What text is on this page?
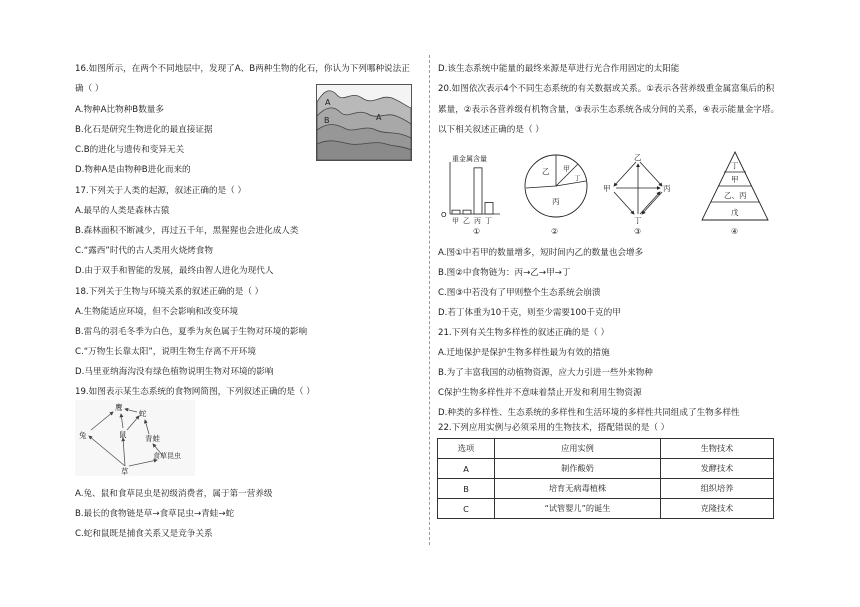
16.如图所示，在两个不同地层中，发现了A、B两种生物的化石，你认为下列哪种说法正
确（ ）
A.物种A比物种B数量多
B.化石是研究生物进化的最直接证据
C.B的进化与遗传和变异无关
D.物种A是由物种B进化而来的
A
A
B
17.下列关于人类的起源，叙述正确的是（ ）
A.最早的人类是森林古猿
B.森林面积不断减少，再过五千年，黑猩猩也会进化成人类
C.“露西”时代的古人类用火烧烤食物
D.由于双手和智能的发展，最终由智人进化为现代人
18.下列关于生物与环境关系的叙述正确的是（ ）
A.生物能适应环境，但不会影响和改变环境
B.雷鸟的羽毛冬季为白色，夏季为灰色属于生物对环境的影响
C.“万物生长靠太阳”，说明生物生存离不开环境
D.马里亚纳海沟没有绿色植物说明生物对环境的影响
19.如图表示某生态系统的食物网简图，下列叙述正确的是（ ）
鹰
蛇
兔	鼠 青蛙
食草昆虫
草
A.兔、鼠和食草昆虫是初级消费者，属于第一营养级
B.最长的食物链是草→食草昆虫→青蛙→蛇
C.蛇和鼠既是捕食关系又是竞争关系
D.该生态系统中能量的最终来源是草进行光合作用固定的太阳能
20.如图依次表示4个不同生态系统的有关数据或关系。①表示各营养级重金属富集后的积
累量，②表示各营养级有机物含量，③表示生态系统各成分间的关系，④表示能量金字塔。
以下相关叙述正确的是（ ）
重金属含量
O
甲 乙 丙 丁
①
乙 甲
丁
丙
②
乙
甲	丙
丁
③
丁
甲
乙、丙
戊
④
A.图①中若甲的数量增多，短时间内乙的数量也会增多
B.图②中食物链为：丙→乙→甲→丁
C.图③中若没有了甲则整个生态系统会崩溃
D.若丁体重为10千克，则至少需要100千克的甲
21.下列有关生物多样性的叙述正确的是（ ）
A.迁地保护是保护生物多样性最为有效的措施
B.为了丰富我国的动植物资源，应大力引进一些外来物种
C保护生物多样性并不意味着禁止开发和利用生物资源
D.种类的多样性、生态系统的多样性和生活环境的多样性共同组成了生物多样性
22.下列应用实例与必须采用的生物技术，搭配错误的是（ ）
选项	应用实例	生物技术
A	制作酸奶	发酵技术
B	培育无病毒植株	组织培养
C	“试管婴儿”的诞生	克隆技术
